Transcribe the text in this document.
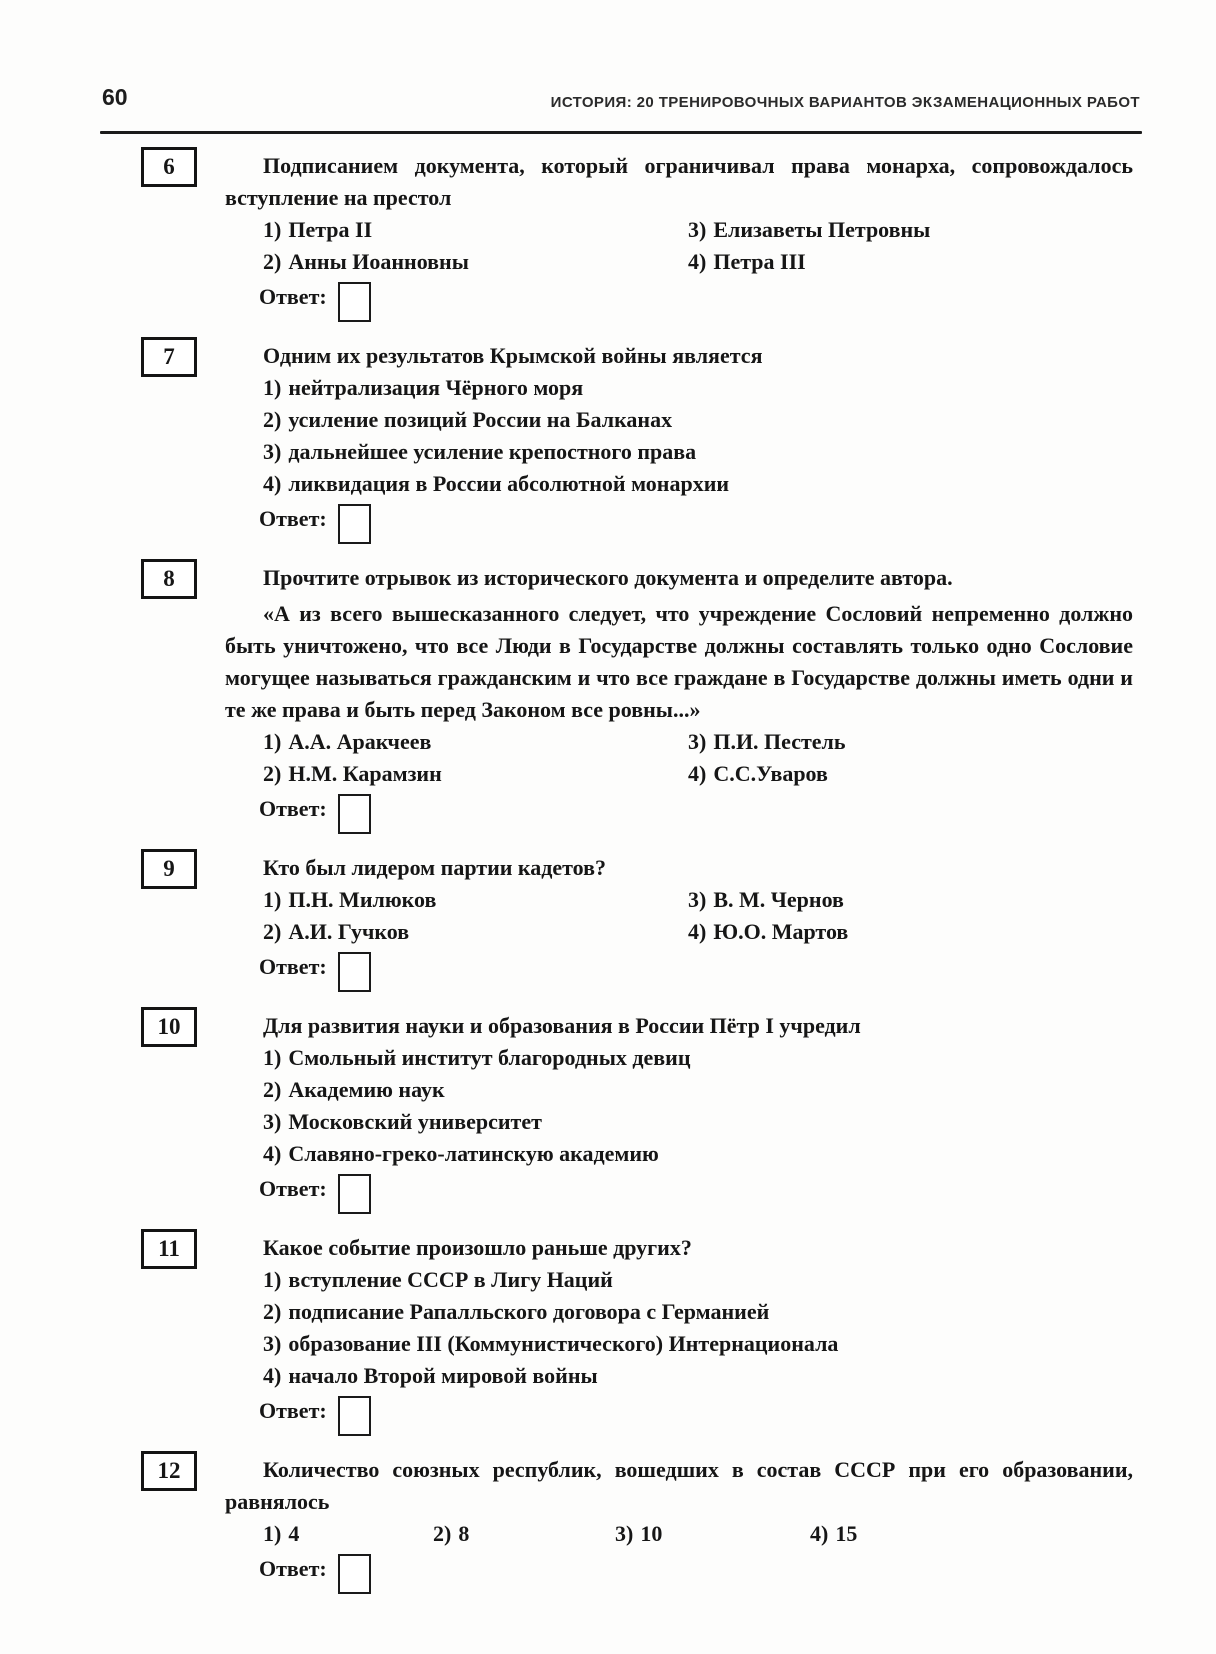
60	ИСТОРИЯ: 20 ТРЕНИРОВОЧНЫХ ВАРИАНТОВ ЭКЗАМЕНАЦИОННЫХ РАБОТ
6	Подписанием документа, который ограничивал права монарха, сопровождалось вступление на престол

1) Петра II
2) Анны Иоанновны
3) Елизаветы Петровны
4) Петра III
Ответ:
7	Одним их результатов Крымской войны является

1) нейтрализация Чёрного моря
2) усиление позиций России на Балканах
3) дальнейшее усиление крепостного права
4) ликвидация в России абсолютной монархии
Ответ:
8	Прочтите отрывок из исторического документа и определите автора.

«А из всего вышесказанного следует, что учреждение Сословий непременно должно быть уничтожено, что все Люди в Государстве должны составлять только одно Сословие могущее называться гражданским и что все граждане в Государстве должны иметь одни и те же права и быть перед Законом все ровны...»

1) А.А. Аракчеев
2) Н.М. Карамзин
3) П.И. Пестель
4) С.С.Уваров
Ответ:
9	Кто был лидером партии кадетов?

1) П.Н. Милюков
2) А.И. Гучков
3) В. М. Чернов
4) Ю.О. Мартов
Ответ:
10	Для развития науки и образования в России Пётр I учредил

1) Смольный институт благородных девиц
2) Академию наук
3) Московский университет
4) Славяно-греко-латинскую академию
Ответ:
11	Какое событие произошло раньше других?

1) вступление СССР в Лигу Наций
2) подписание Рапалльского договора с Германией
3) образование III (Коммунистического) Интернационала
4) начало Второй мировой войны
Ответ:
12	Количество союзных республик, вошедших в состав СССР при его образовании, равнялось

1) 4	2) 8	3) 10	4) 15
Ответ:
